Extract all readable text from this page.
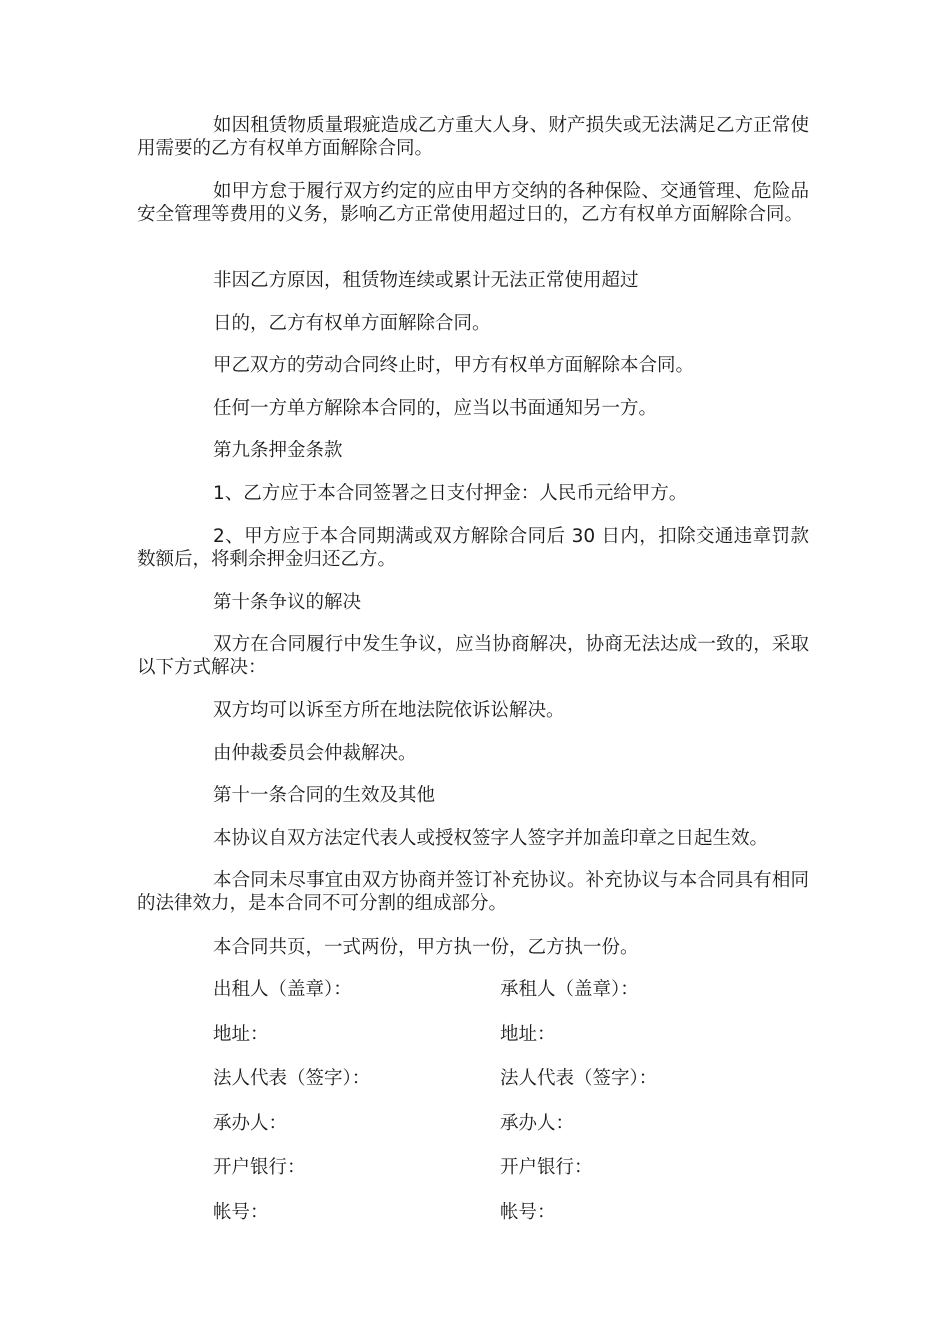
如因租赁物质量瑕疵造成乙方重大人身、财产损失或无法满足乙方正常使用需要的乙方有权单方面解除合同。

如甲方怠于履行双方约定的应由甲方交纳的各种保险、交通管理、危险品安全管理等费用的义务，影响乙方正常使用超过日的，乙方有权单方面解除合同。

非因乙方原因，租赁物连续或累计无法正常使用超过

日的，乙方有权单方面解除合同。

甲乙双方的劳动合同终止时，甲方有权单方面解除本合同。

任何一方单方解除本合同的，应当以书面通知另一方。

第九条押金条款

1、乙方应于本合同签署之日支付押金：人民币元给甲方。

2、甲方应于本合同期满或双方解除合同后 30 日内，扣除交通违章罚款数额后，将剩余押金归还乙方。

第十条争议的解决

双方在合同履行中发生争议，应当协商解决，协商无法达成一致的，采取以下方式解决：

双方均可以诉至方所在地法院依诉讼解决。

由仲裁委员会仲裁解决。

第十一条合同的生效及其他

本协议自双方法定代表人或授权签字人签字并加盖印章之日起生效。

本合同未尽事宜由双方协商并签订补充协议。补充协议与本合同具有相同的法律效力，是本合同不可分割的组成部分。

本合同共页，一式两份，甲方执一份，乙方执一份。

出租人（盖章）：	承租人（盖章）：
地址：	地址：
法人代表（签字）：	法人代表（签字）：
承办人：	承办人：
开户银行：	开户银行：
帐号：	帐号：
